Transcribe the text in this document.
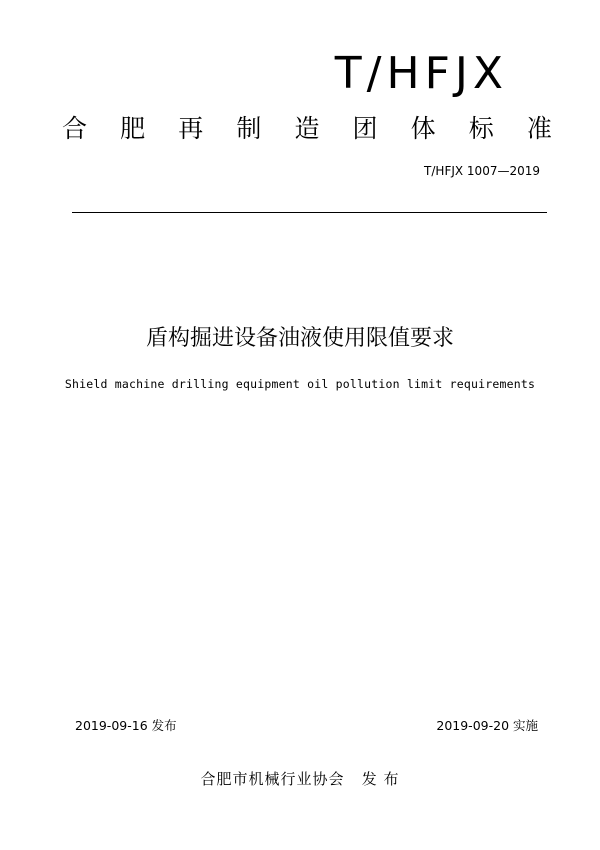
T/HFJX
合 肥 再 制 造 团 体 标 准
T/HFJX 1007—2019
盾构掘进设备油液使用限值要求
Shield machine drilling equipment oil pollution limit requirements
2019-09-16 发布	2019-09-20 实施
合肥市机械行业协会   发 布
